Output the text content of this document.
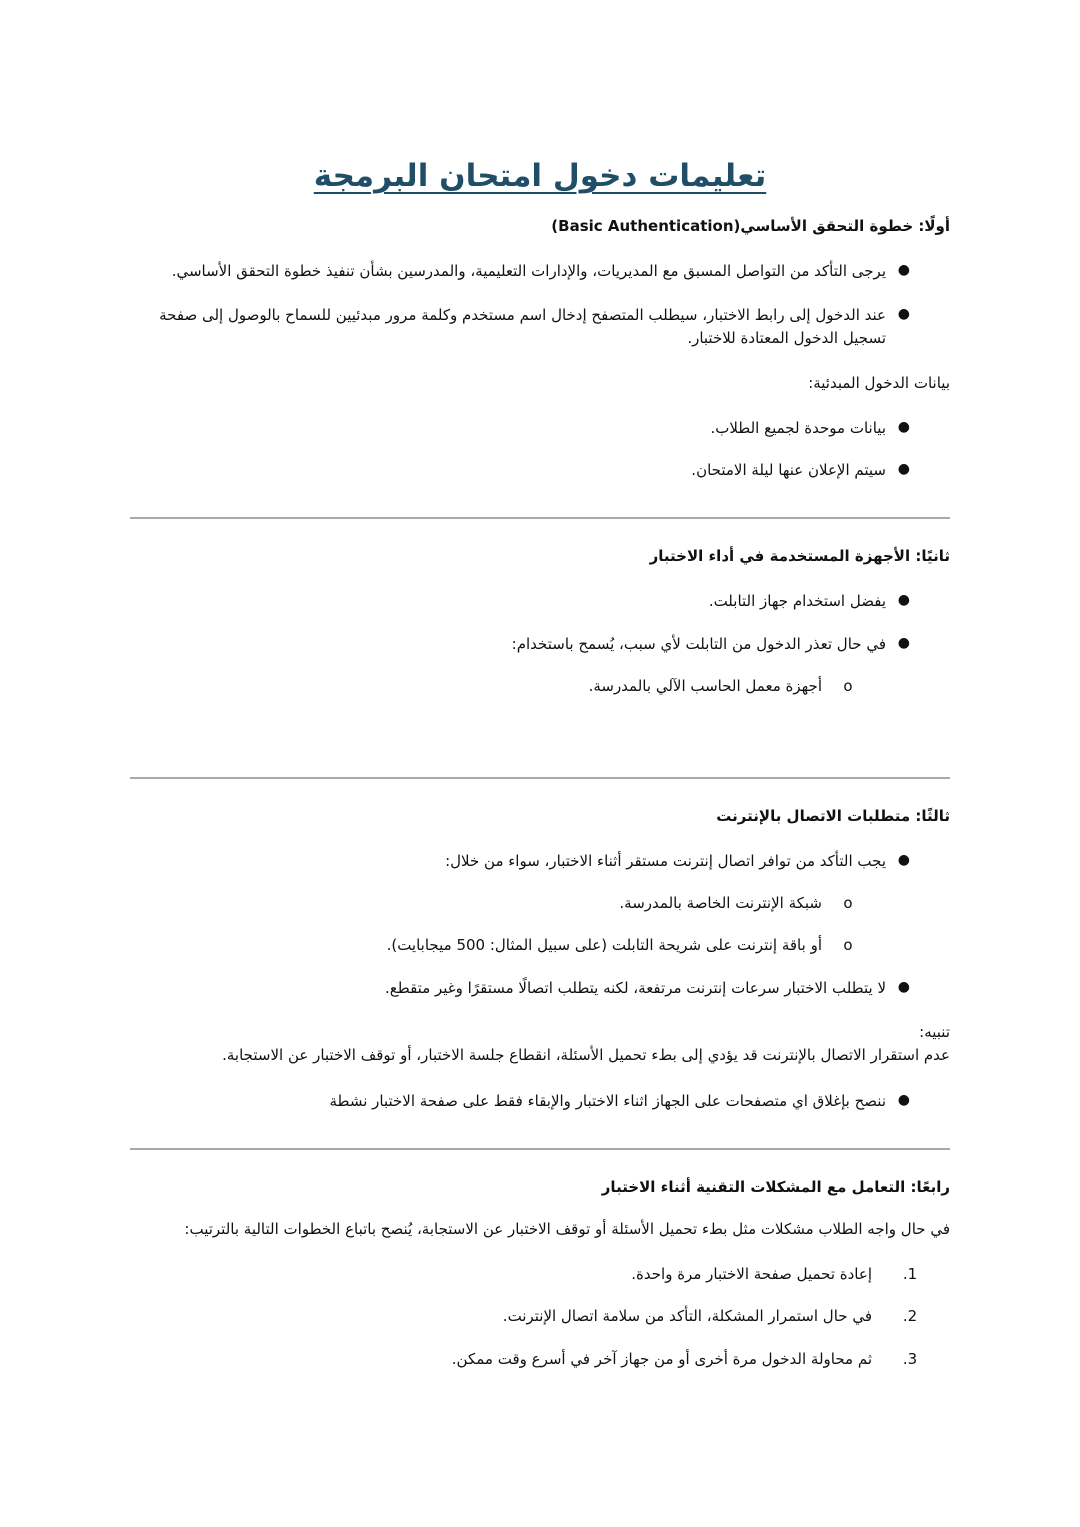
تعليمات دخول امتحان البرمجة

أولًا: خطوة التحقق الأساسي(Basic Authentication)

●
يرجى التأكد من التواصل المسبق مع المديريات، والإدارات التعليمية، والمدرسين بشأن تنفيذ خطوة التحقق الأساسي.
●
عند الدخول إلى رابط الاختبار، سيطلب المتصفح إدخال اسم مستخدم وكلمة مرور مبدئيين للسماح بالوصول إلى صفحة تسجيل الدخول المعتادة للاختبار.

بيانات الدخول المبدئية:

●
بيانات موحدة لجميع الطلاب.
●
سيتم الإعلان عنها ليلة الامتحان.

ثانيًا: الأجهزة المستخدمة في أداء الاختبار

●
يفضل استخدام جهاز التابلت.
●
في حال تعذر الدخول من التابلت لأي سبب، يُسمح باستخدام:
o
أجهزة معمل الحاسب الآلي بالمدرسة.

ثالثًا: متطلبات الاتصال بالإنترنت

●
يجب التأكد من توافر اتصال إنترنت مستقر أثناء الاختبار، سواء من خلال:
o
شبكة الإنترنت الخاصة بالمدرسة.
o
أو باقة إنترنت على شريحة التابلت (على سبيل المثال: 500 ميجابايت).
●
لا يتطلب الاختبار سرعات إنترنت مرتفعة، لكنه يتطلب اتصالًا مستقرًا وغير متقطع.

تنبيه:

عدم استقرار الاتصال بالإنترنت قد يؤدي إلى بطء تحميل الأسئلة، انقطاع جلسة الاختبار، أو توقف الاختبار عن الاستجابة.

●
ننصح بإغلاق اي متصفحات على الجهاز اثناء الاختبار والإبقاء فقط على صفحة الاختبار نشطة

رابعًا: التعامل مع المشكلات التقنية أثناء الاختبار

في حال واجه الطلاب مشكلات مثل بطء تحميل الأسئلة أو توقف الاختبار عن الاستجابة، يُنصح باتباع الخطوات التالية بالترتيب:

1.
إعادة تحميل صفحة الاختبار مرة واحدة.
2.
في حال استمرار المشكلة، التأكد من سلامة اتصال الإنترنت.
3.
ثم محاولة الدخول مرة أخرى أو من جهاز آخر في أسرع وقت ممكن.
